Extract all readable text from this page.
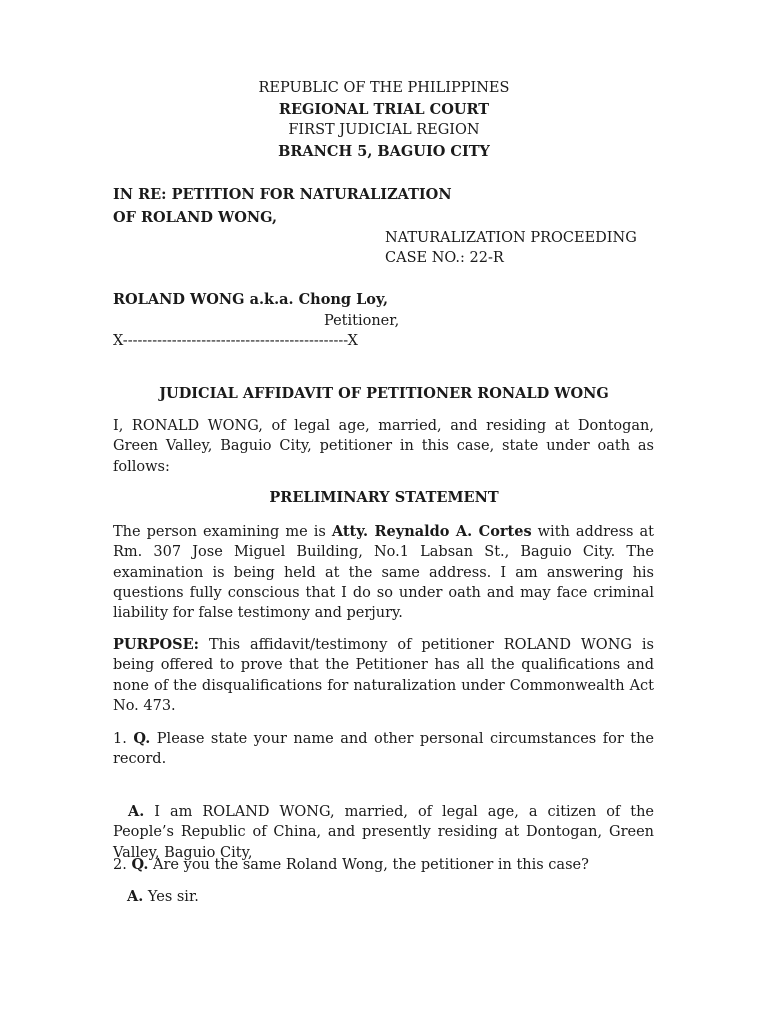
REPUBLIC OF THE PHILIPPINES
REGIONAL TRIAL COURT
FIRST JUDICIAL REGION
BRANCH 5, BAGUIO CITY
IN RE: PETITION FOR NATURALIZATION
OF ROLAND WONG,
NATURALIZATION PROCEEDING
CASE NO.: 22-R
ROLAND WONG a.k.a. Chong Loy,
Petitioner,
X----------------------------------------------X
JUDICIAL AFFIDAVIT OF PETITIONER RONALD WONG
I, RONALD WONG, of legal age, married, and residing at Dontogan, Green Valley, Baguio City, petitioner in this case, state under oath as follows:
PRELIMINARY STATEMENT
The person examining me is Atty. Reynaldo A. Cortes with address at Rm. 307 Jose Miguel Building, No.1 Labsan St., Baguio City. The examination is being held at the same address. I am answering his questions fully conscious that I do so under oath and may face criminal liability for false testimony and perjury.
PURPOSE: This affidavit/testimony of petitioner ROLAND WONG is being offered to prove that the Petitioner has all the qualifications and none of the disqualifications for naturalization under Commonwealth Act No. 473.
1. Q. Please state your name and other personal circumstances for the record.
A. I am ROLAND WONG, married, of legal age, a citizen of the People’s Republic of China, and presently residing at Dontogan, Green Valley, Baguio City,
2. Q. Are you the same Roland Wong, the petitioner in this case?
A. Yes sir.
